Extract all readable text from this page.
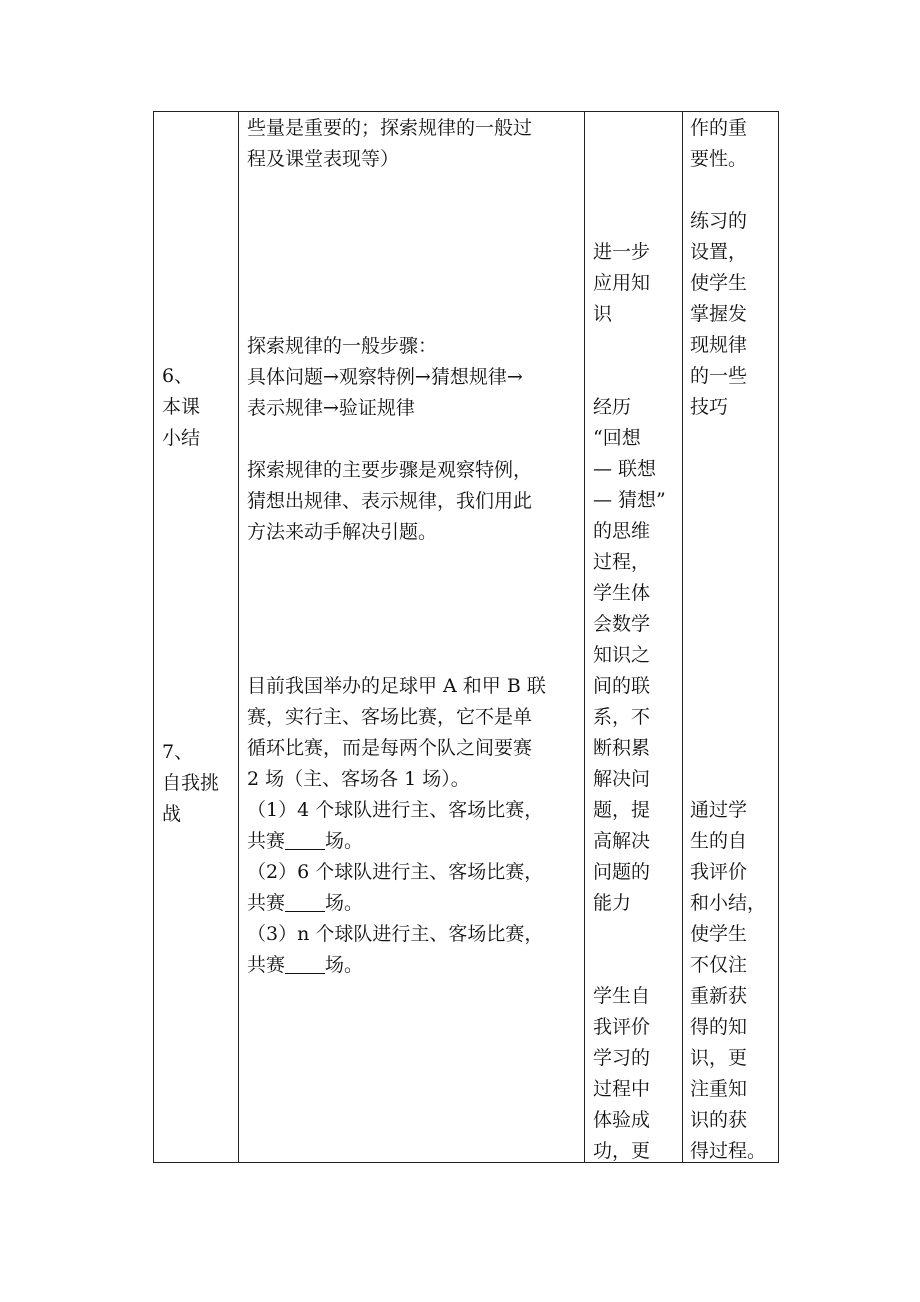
6、
本课
小结
7、
自我挑
战
些量是重要的；探索规律的一般过
程及课堂表现等）
探索规律的一般步骤：
具体问题→观察特例→猜想规律→
表示规律→验证规律
探索规律的主要步骤是观察特例，
猜想出规律、表示规律，我们用此
方法来动手解决引题。
目前我国举办的足球甲 A 和甲 B 联
赛，实行主、客场比赛，它不是单
循环比赛，而是每两个队之间要赛
2 场（主、客场各 1 场）。
（1）4 个球队进行主、客场比赛，
共赛 场。
（2）6 个球队进行主、客场比赛，
共赛 场。
（3）n 个球队进行主、客场比赛，
共赛 场。
进一步
应用知
识
经历
“回想
— 联想
— 猜想”
的思维
过程，
学生体
会数学
知识之
间的联
系，不
断积累
解决问
题，提
高解决
问题的
能力
学生自
我评价
学习的
过程中
体验成
功，更
作的重
要性。
练习的
设置，
使学生
掌握发
现规律
的一些
技巧
通过学
生的自
我评价
和小结，
使学生
不仅注
重新获
得的知
识，更
注重知
识的获
得过程。
